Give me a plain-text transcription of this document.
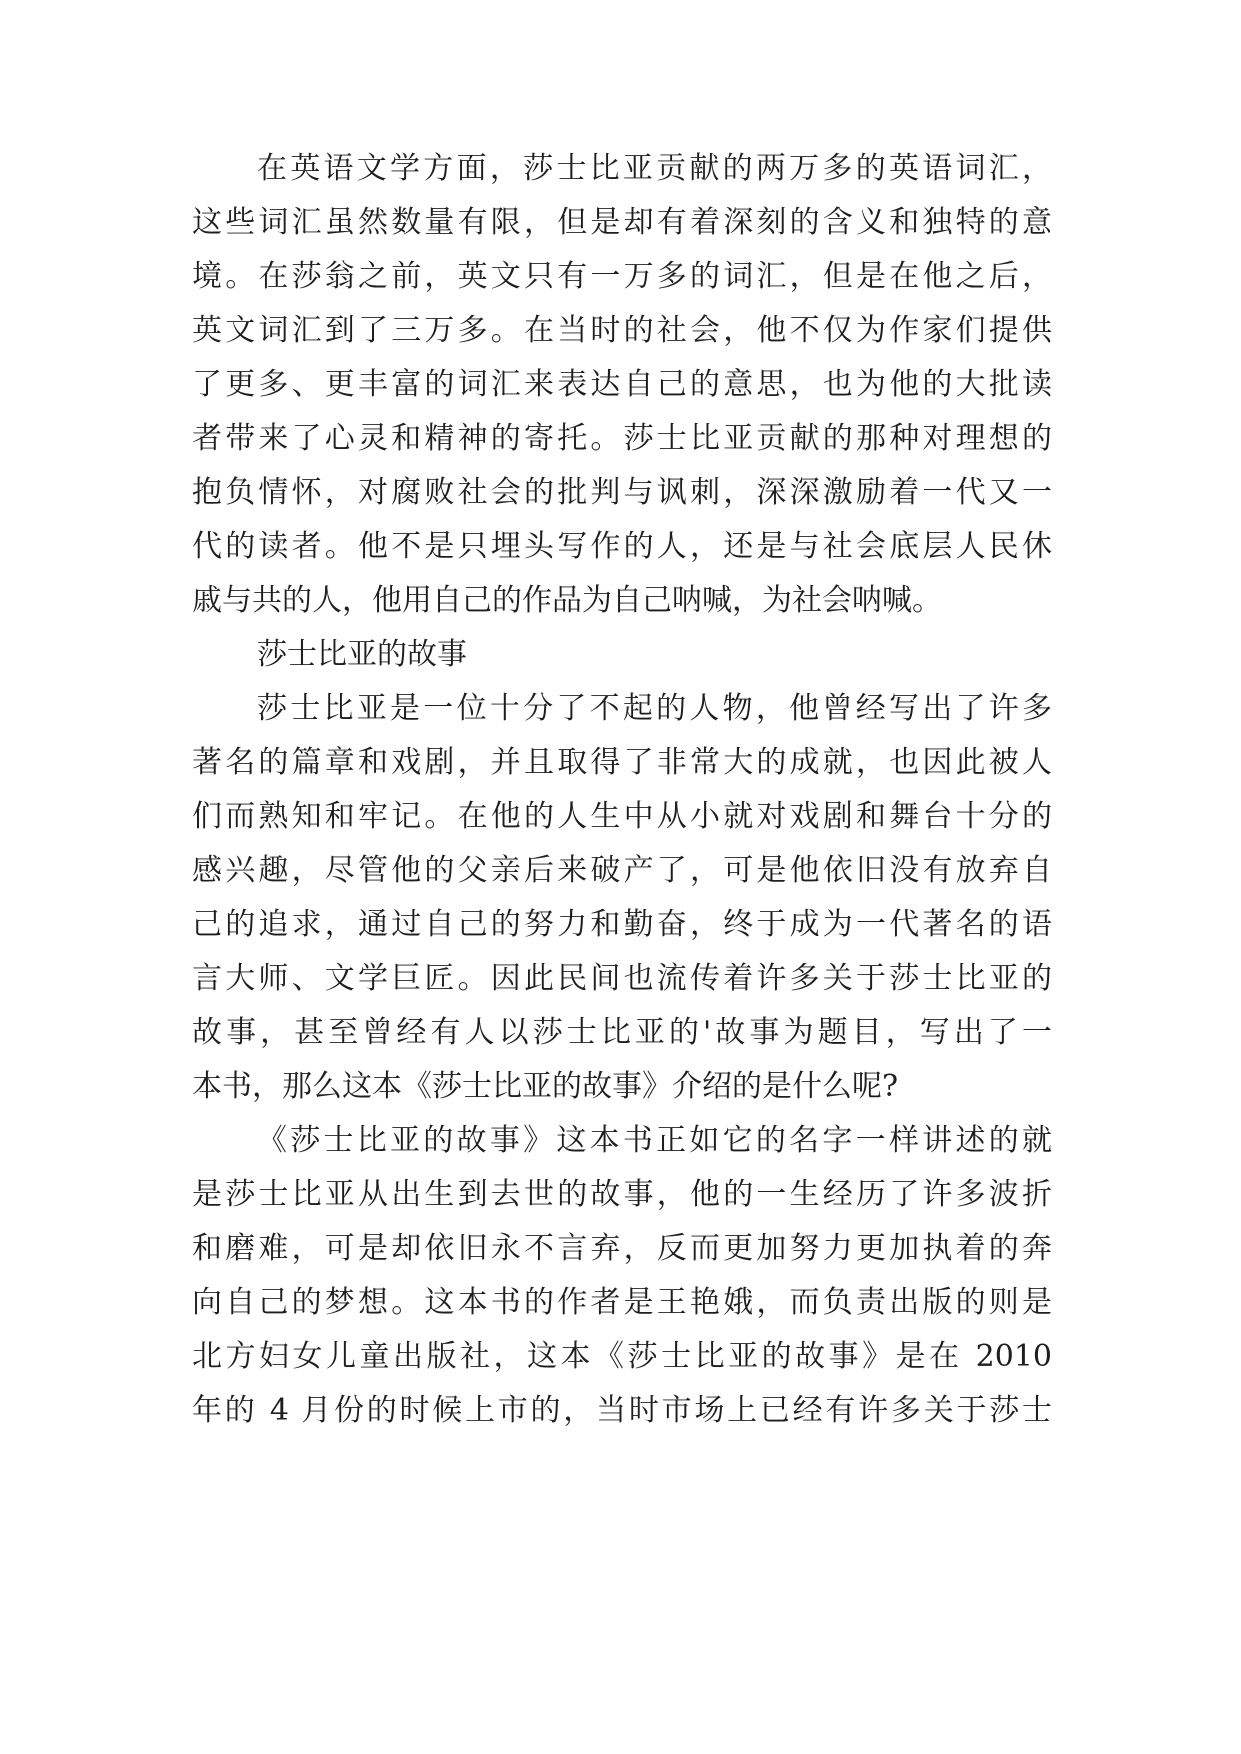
在英语文学方面，莎士比亚贡献的两万多的英语词汇，
这些词汇虽然数量有限，但是却有着深刻的含义和独特的意
境。在莎翁之前，英文只有一万多的词汇，但是在他之后，
英文词汇到了三万多。在当时的社会，他不仅为作家们提供
了更多、更丰富的词汇来表达自己的意思，也为他的大批读
者带来了心灵和精神的寄托。莎士比亚贡献的那种对理想的
抱负情怀，对腐败社会的批判与讽刺，深深激励着一代又一
代的读者。他不是只埋头写作的人，还是与社会底层人民休
戚与共的人，他用自己的作品为自己呐喊，为社会呐喊。
莎士比亚的故事
莎士比亚是一位十分了不起的人物，他曾经写出了许多
著名的篇章和戏剧，并且取得了非常大的成就，也因此被人
们而熟知和牢记。在他的人生中从小就对戏剧和舞台十分的
感兴趣，尽管他的父亲后来破产了，可是他依旧没有放弃自
己的追求，通过自己的努力和勤奋，终于成为一代著名的语
言大师、文学巨匠。因此民间也流传着许多关于莎士比亚的
故事，甚至曾经有人以莎士比亚的'故事为题目，写出了一
本书，那么这本《莎士比亚的故事》介绍的是什么呢?
《莎士比亚的故事》这本书正如它的名字一样讲述的就
是莎士比亚从出生到去世的故事，他的一生经历了许多波折
和磨难，可是却依旧永不言弃，反而更加努力更加执着的奔
向自己的梦想。这本书的作者是王艳娥，而负责出版的则是
北方妇女儿童出版社，这本《莎士比亚的故事》是在 2010
年的 4 月份的时候上市的，当时市场上已经有许多关于莎士
